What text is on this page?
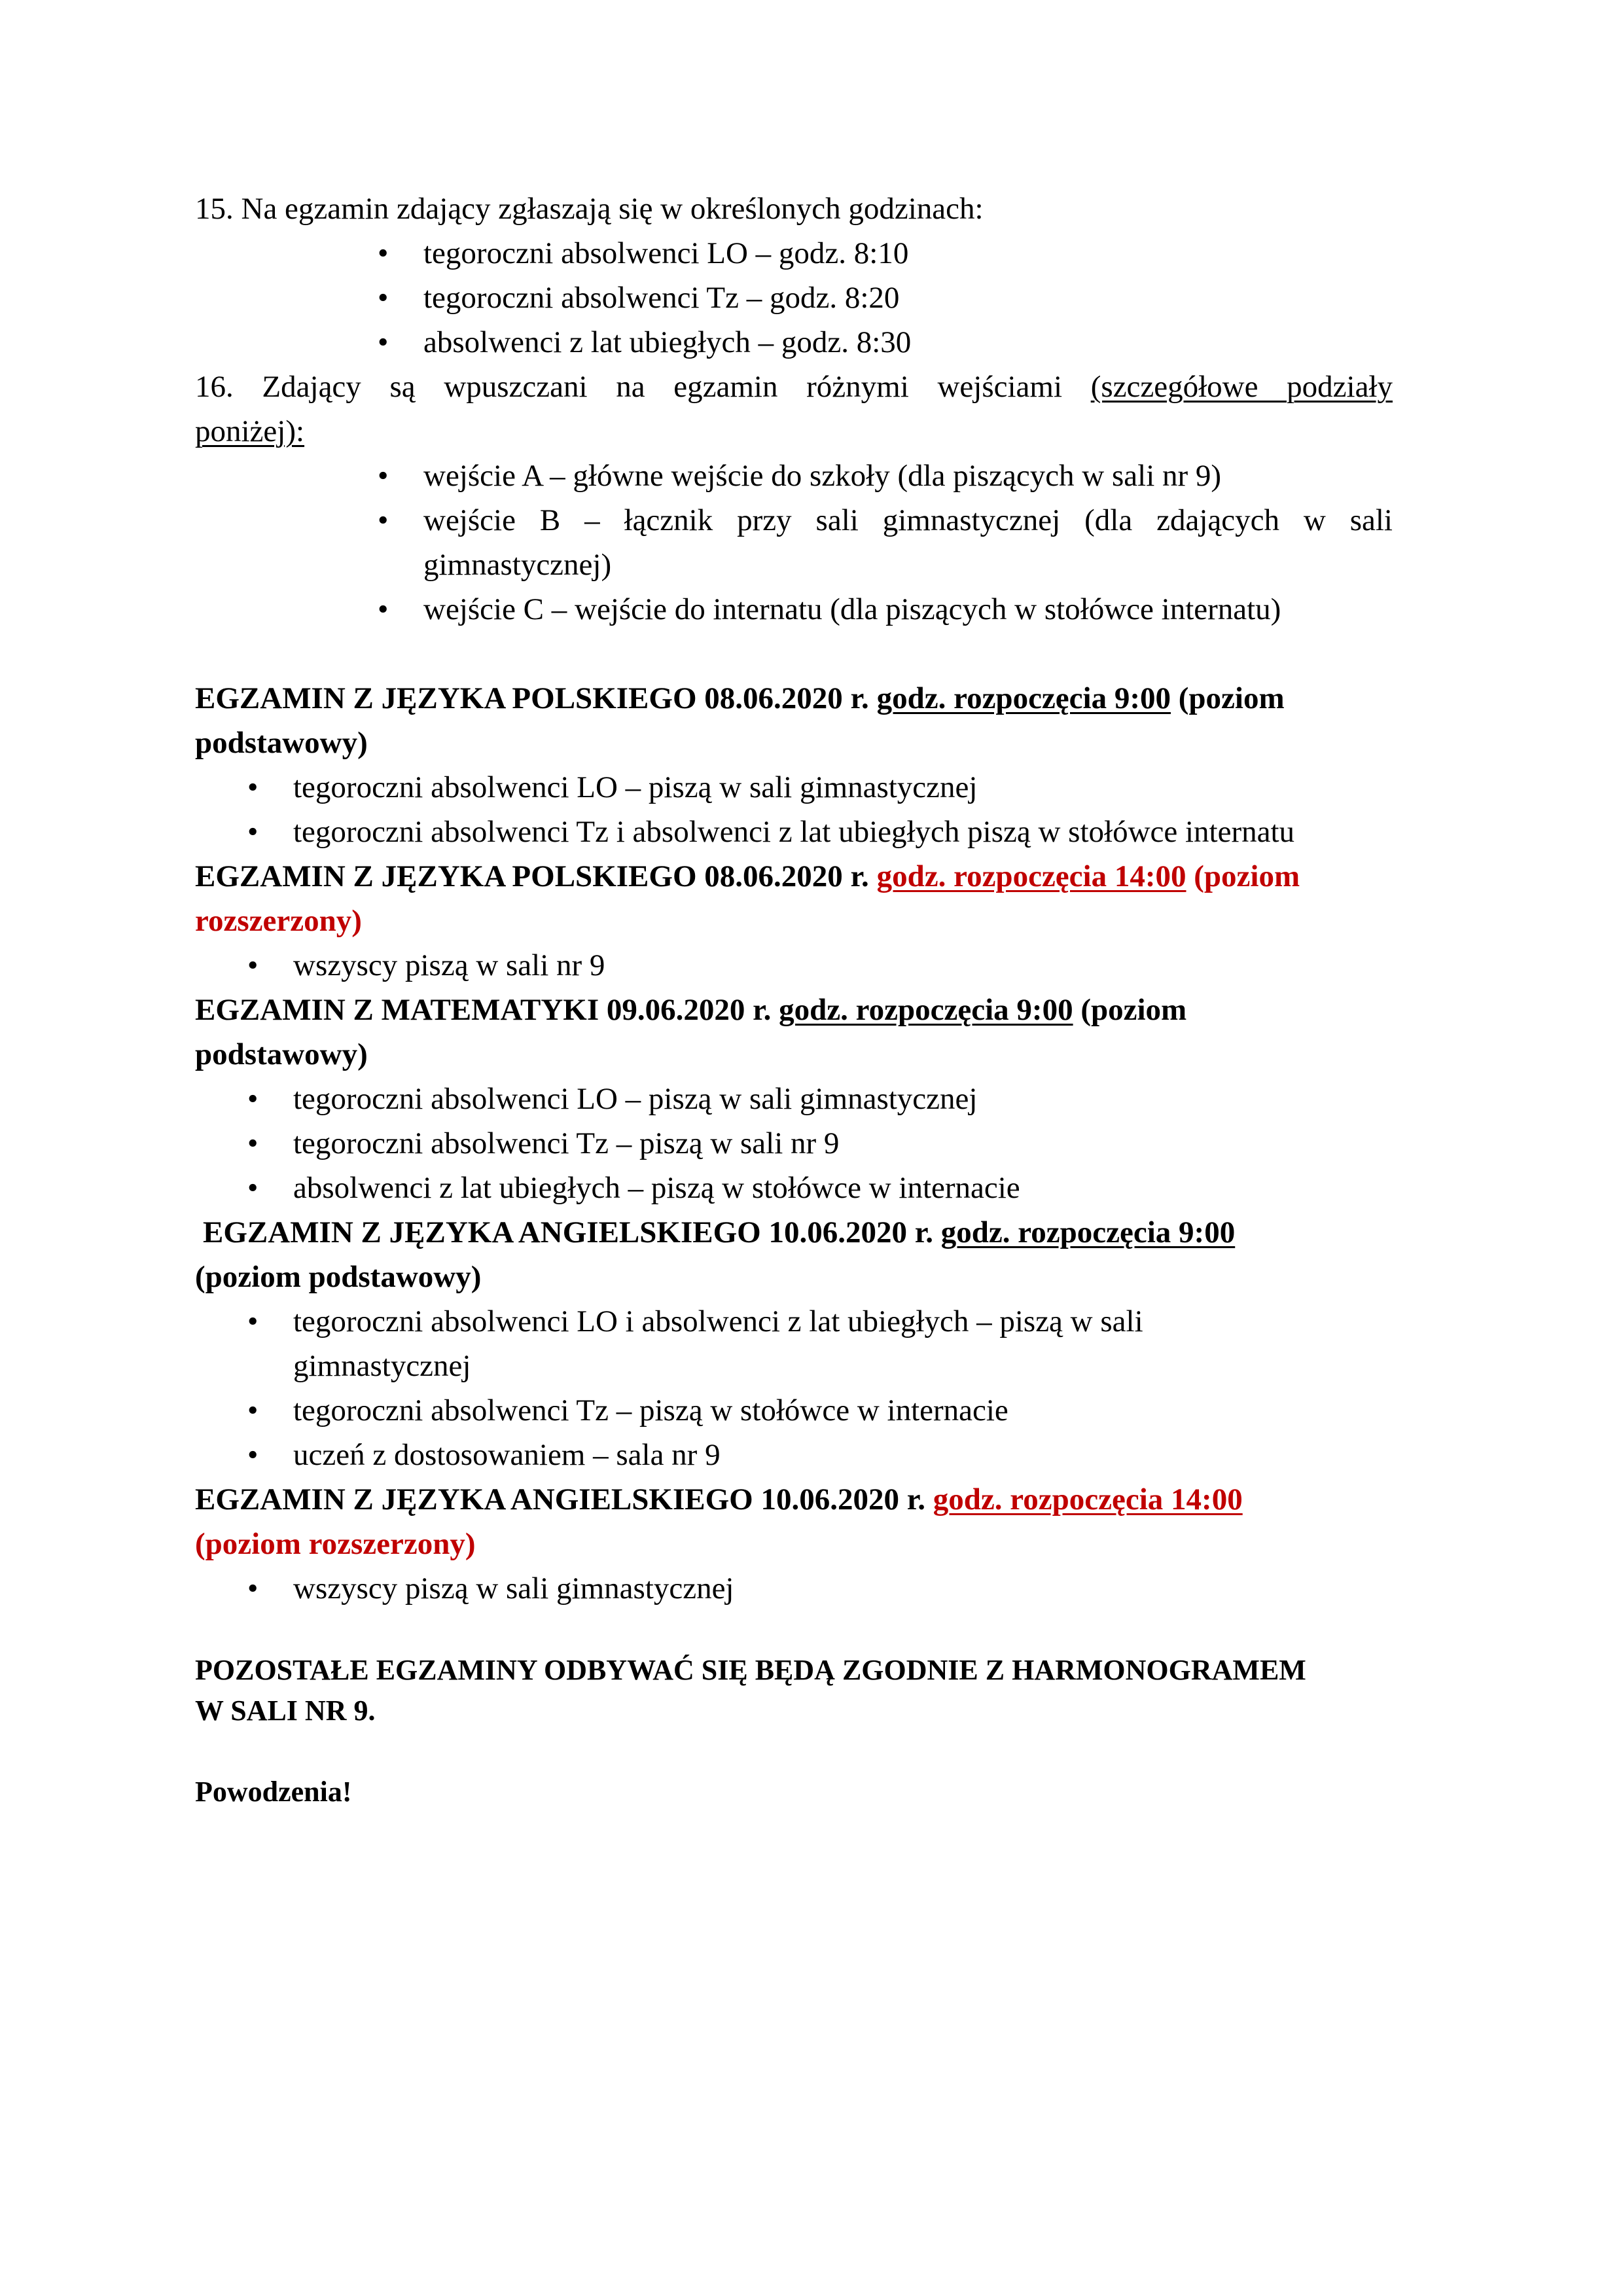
15. Na egzamin zdający zgłaszają się w określonych godzinach:
• tegoroczni absolwenci LO – godz. 8:10
• tegoroczni absolwenci Tz – godz. 8:20
• absolwenci z lat ubiegłych – godz. 8:30
16. Zdający są wpuszczani na egzamin różnymi wejściami (szczegółowe podziały
poniżej):
• wejście A – główne wejście do szkoły (dla piszących w sali nr 9)
• wejście B – łącznik przy sali gimnastycznej (dla zdających w sali
gimnastycznej)
• wejście C – wejście do internatu (dla piszących w stołówce internatu)
EGZAMIN Z JĘZYKA POLSKIEGO 08.06.2020 r. godz. rozpoczęcia 9:00 (poziom
podstawowy)
• tegoroczni absolwenci LO – piszą w sali gimnastycznej
• tegoroczni absolwenci Tz i absolwenci z lat ubiegłych piszą w stołówce internatu
EGZAMIN Z JĘZYKA POLSKIEGO 08.06.2020 r. godz. rozpoczęcia 14:00 (poziom
rozszerzony)
• wszyscy piszą w sali nr 9
EGZAMIN Z MATEMATYKI 09.06.2020 r. godz. rozpoczęcia 9:00 (poziom
podstawowy)
• tegoroczni absolwenci LO – piszą w sali gimnastycznej
• tegoroczni absolwenci Tz – piszą w sali nr 9
• absolwenci z lat ubiegłych – piszą w stołówce w internacie
EGZAMIN Z JĘZYKA ANGIELSKIEGO 10.06.2020 r. godz. rozpoczęcia 9:00
(poziom podstawowy)
• tegoroczni absolwenci LO i absolwenci z lat ubiegłych – piszą w sali
gimnastycznej
• tegoroczni absolwenci Tz – piszą w stołówce w internacie
• uczeń z dostosowaniem – sala nr 9
EGZAMIN Z JĘZYKA ANGIELSKIEGO 10.06.2020 r. godz. rozpoczęcia 14:00
(poziom rozszerzony)
• wszyscy piszą w sali gimnastycznej
POZOSTAŁE EGZAMINY ODBYWAĆ SIĘ BĘDĄ ZGODNIE Z HARMONOGRAMEM
W SALI NR 9.
Powodzenia!
